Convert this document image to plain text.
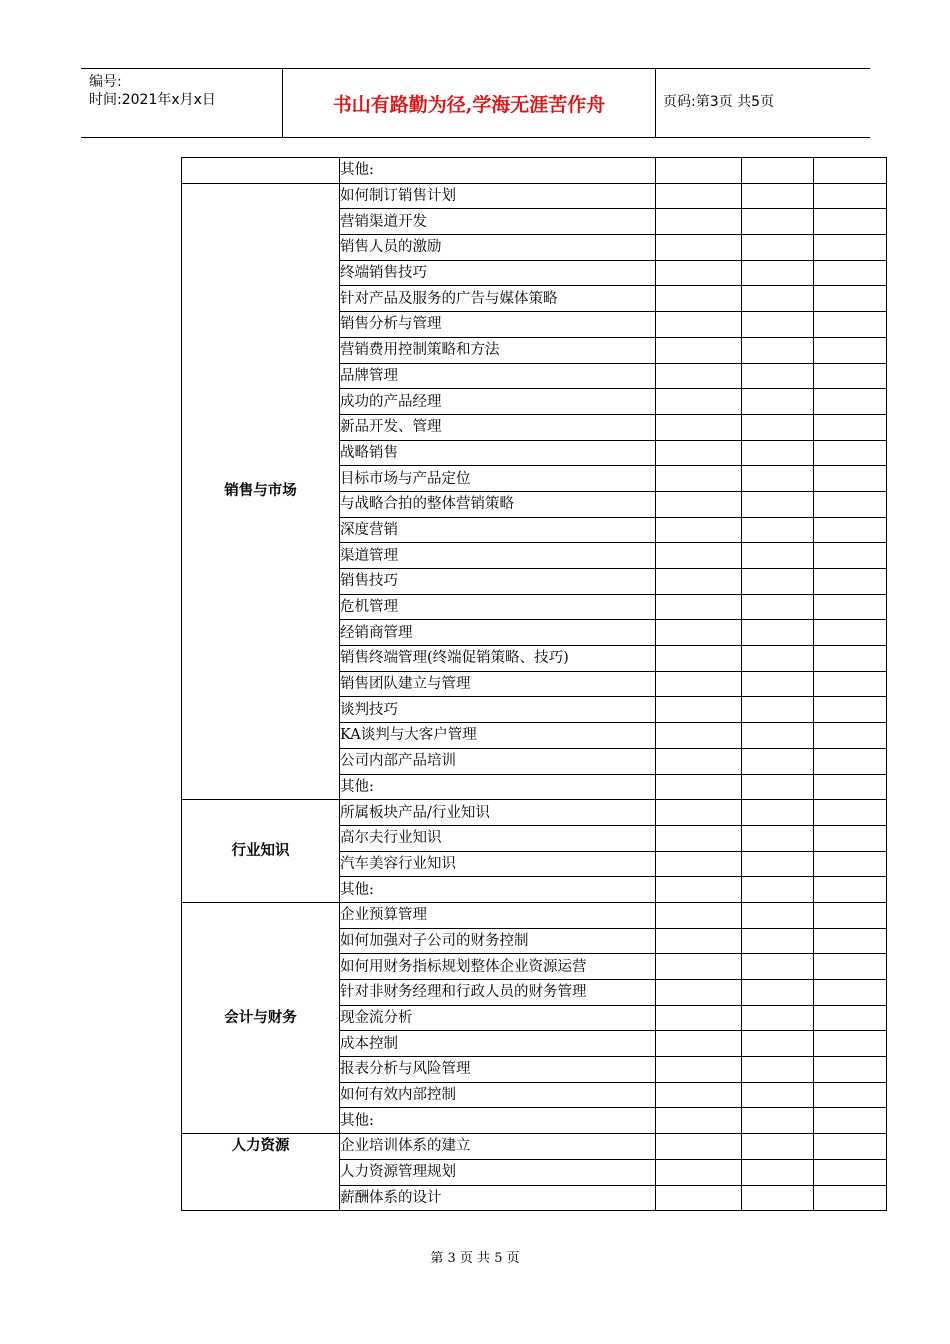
编号:
时间:2021年x月x日	书山有路勤为径,学海无涯苦作舟	页码:第3页 共5页
	其他:			
销售与市场	如何制订销售计划			
	营销渠道开发			
	销售人员的激励			
	终端销售技巧			
	针对产品及服务的广告与媒体策略			
	销售分析与管理			
	营销费用控制策略和方法			
	品牌管理			
	成功的产品经理			
	新品开发、管理			
	战略销售			
	目标市场与产品定位			
	与战略合拍的整体营销策略			
	深度营销			
	渠道管理			
	销售技巧			
	危机管理			
	经销商管理			
	销售终端管理(终端促销策略、技巧)			
	销售团队建立与管理			
	谈判技巧			
	KA谈判与大客户管理			
	公司内部产品培训			
	其他:			
行业知识	所属板块产品/行业知识			
	高尔夫行业知识			
	汽车美容行业知识			
	其他:			
会计与财务	企业预算管理			
	如何加强对子公司的财务控制			
	如何用财务指标规划整体企业资源运营			
	针对非财务经理和行政人员的财务管理			
	现金流分析			
	成本控制			
	报表分析与风险管理			
	如何有效内部控制			
	其他:			
人力资源	企业培训体系的建立			
	人力资源管理规划			
	薪酬体系的设计			
第 3 页 共 5 页
